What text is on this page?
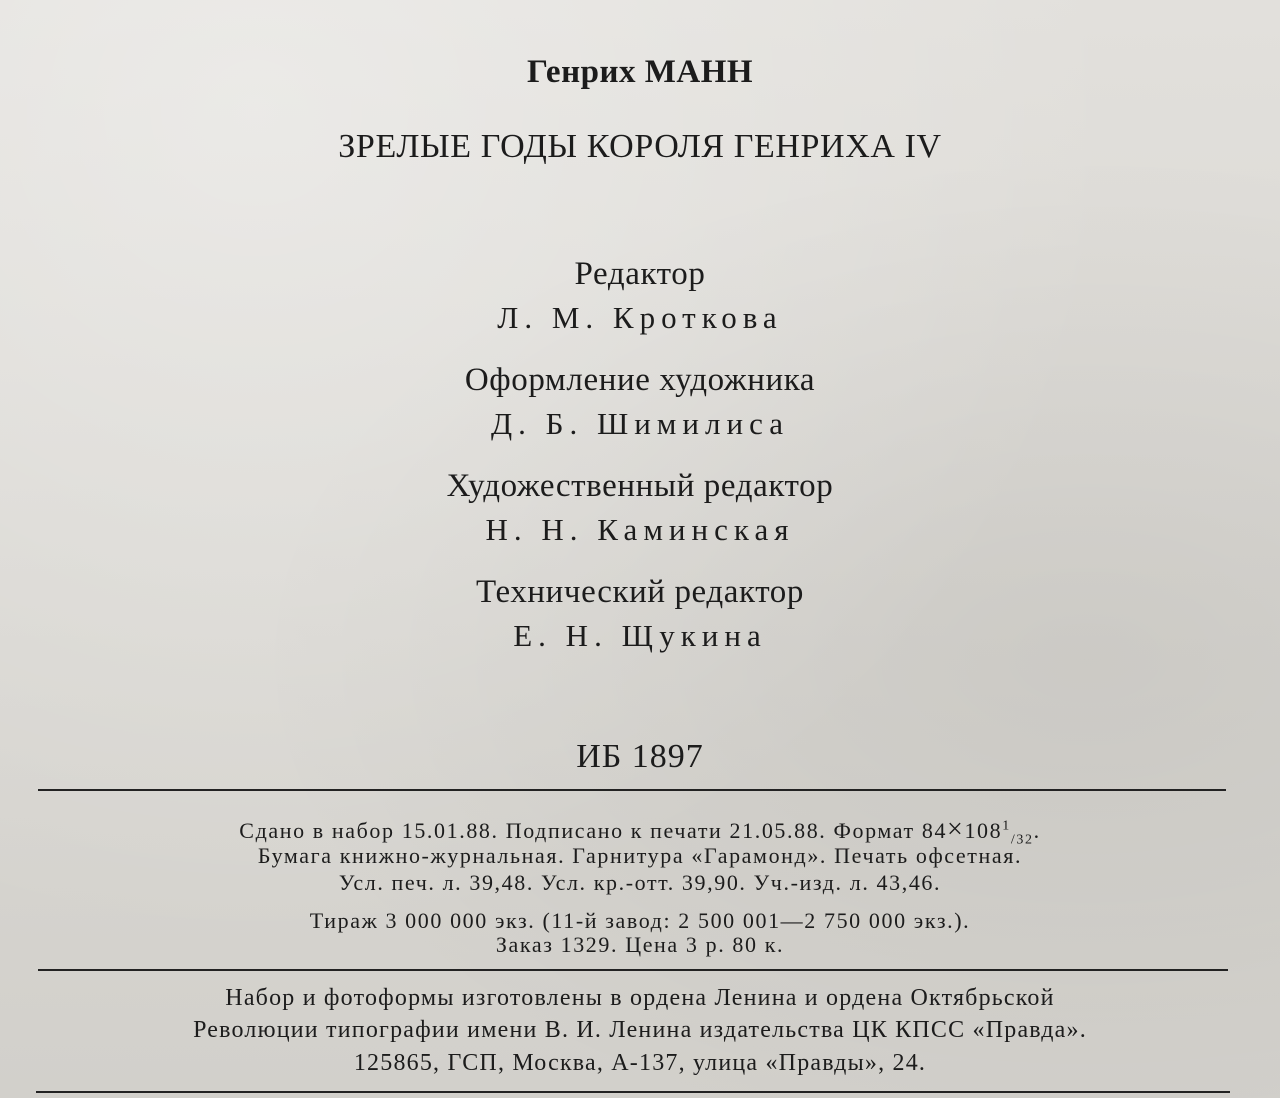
Генрих МАНН
ЗРЕЛЫЕ ГОДЫ КОРОЛЯ ГЕНРИХА IV
Редактор
Л. М. Кроткова
Оформление художника
Д. Б. Шимилиса
Художественный редактор
Н. Н. Каминская
Технический редактор
Е. Н. Щукина
ИБ 1897
Сдано в набор 15.01.88. Подписано к печати 21.05.88. Формат $84\times 108^1_{/32}$.
Бумага книжно-журнальная. Гарнитура «Гарамонд». Печать офсетная.
Усл. печ. л. 39,48. Усл. кр.-отт. 39,90. Уч.-изд. л. 43,46.
Тираж 3 000 000 экз. (11-й завод: 2 500 001—2 750 000 экз.).
Заказ 1329. Цена 3 р. 80 к.
Набор и фотоформы изготовлены в ордена Ленина и ордена Октябрьской
Революции типографии имени В. И. Ленина издательства ЦК КПСС «Правда».
125865, ГСП, Москва, А-137, улица «Правды», 24.
